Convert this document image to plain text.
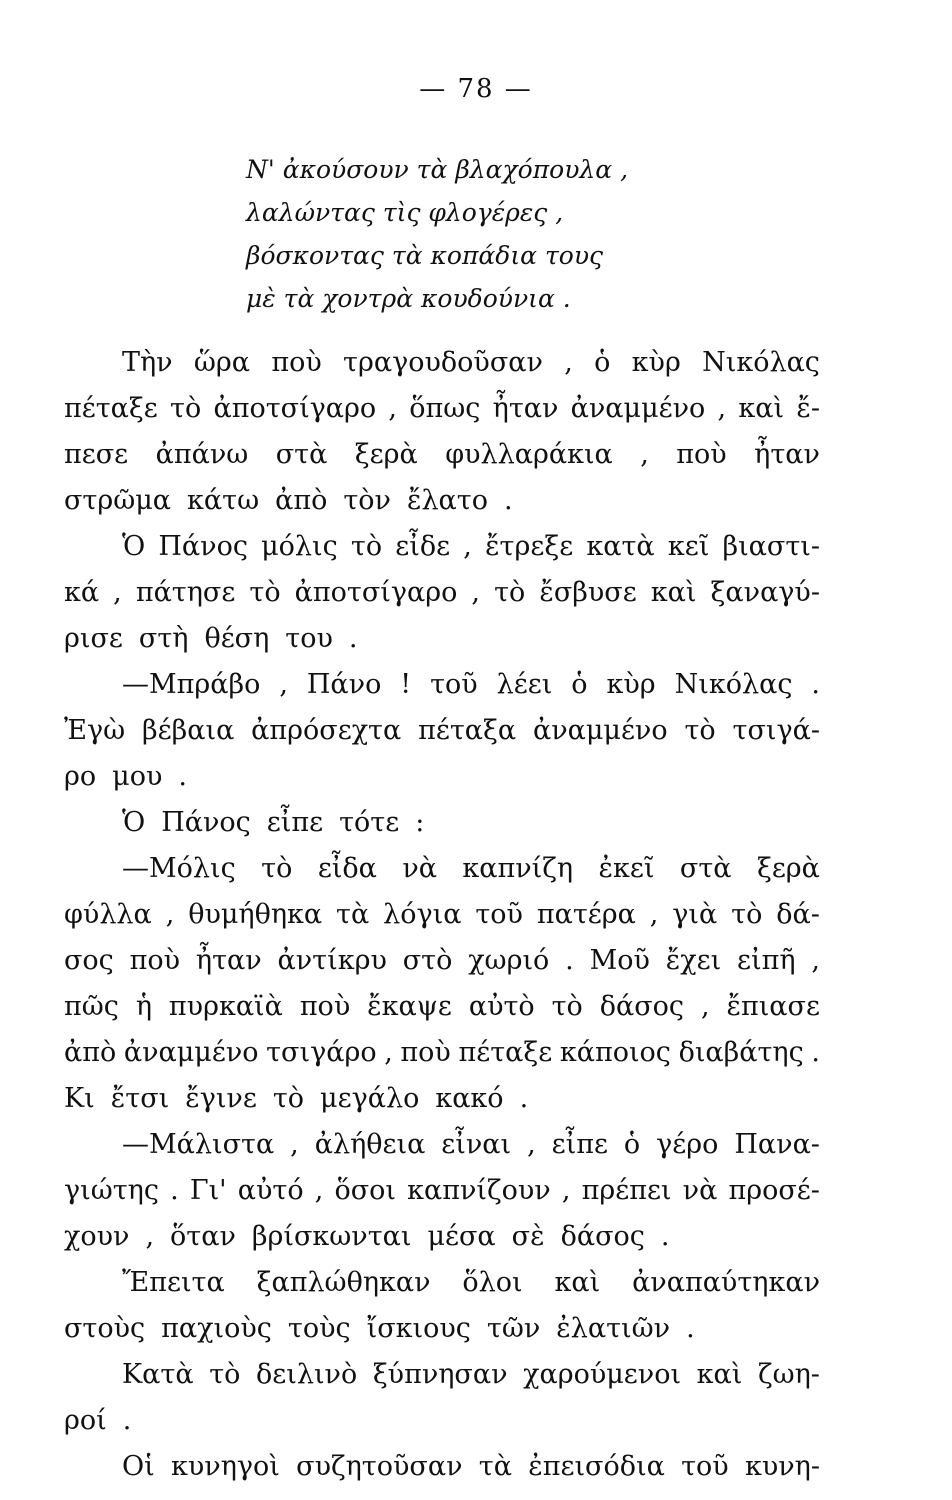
— 78 —
Ν' ἀκούσουν τὰ βλαχόπουλα ,
λαλώντας τὶς φλογέρες ,
βόσκοντας τὰ κοπάδια τους
μὲ τὰ χοντρὰ κουδούνια .
Τὴν ὥρα ποὺ τραγουδοῦσαν , ὁ κὺρ Νικόλας
πέταξε τὸ ἀποτσίγαρο , ὅπως ἦταν ἀναμμένο , καὶ ἔ-
πεσε ἀπάνω στὰ ξερὰ φυλλαράκια , ποὺ ἦταν
στρῶμα κάτω ἀπὸ τὸν ἔλατο .
Ὁ Πάνος μόλις τὸ εἶδε , ἔτρεξε κατὰ κεῖ βιαστι-
κά , πάτησε τὸ ἀποτσίγαρο , τὸ ἔσβυσε καὶ ξαναγύ-
ρισε στὴ θέση του .
—Μπράβο , Πάνο ! τοῦ λέει ὁ κὺρ Νικόλας .
Ἐγὼ βέβαια ἀπρόσεχτα πέταξα ἀναμμένο τὸ τσιγά-
ρο μου .
Ὁ Πάνος εἶπε τότε :
—Μόλις τὸ εἶδα νὰ καπνίζη ἐκεῖ στὰ ξερὰ
φύλλα , θυμήθηκα τὰ λόγια τοῦ πατέρα , γιὰ τὸ δά-
σος ποὺ ἦταν ἀντίκρυ στὸ χωριό . Μοῦ ἔχει εἰπῆ ,
πῶς ἡ πυρκαϊὰ ποὺ ἔκαψε αὐτὸ τὸ δάσος , ἔπιασε
ἀπὸ ἀναμμένο τσιγάρο , ποὺ πέταξε κάποιος διαβάτης .
Κι ἔτσι ἔγινε τὸ μεγάλο κακό .
—Μάλιστα , ἀλήθεια εἶναι , εἶπε ὁ γέρο Πανα-
γιώτης . Γι' αὐτό , ὅσοι καπνίζουν , πρέπει νὰ προσέ-
χουν , ὅταν βρίσκωνται μέσα σὲ δάσος .
Ἔπειτα ξαπλώθηκαν ὅλοι καὶ ἀναπαύτηκαν
στοὺς παχιοὺς τοὺς ἴσκιους τῶν ἐλατιῶν .
Κατὰ τὸ δειλινὸ ξύπνησαν χαρούμενοι καὶ ζωη-
ροί .
Οἱ κυνηγοὶ συζητοῦσαν τὰ ἐπεισόδια τοῦ κυνη-
